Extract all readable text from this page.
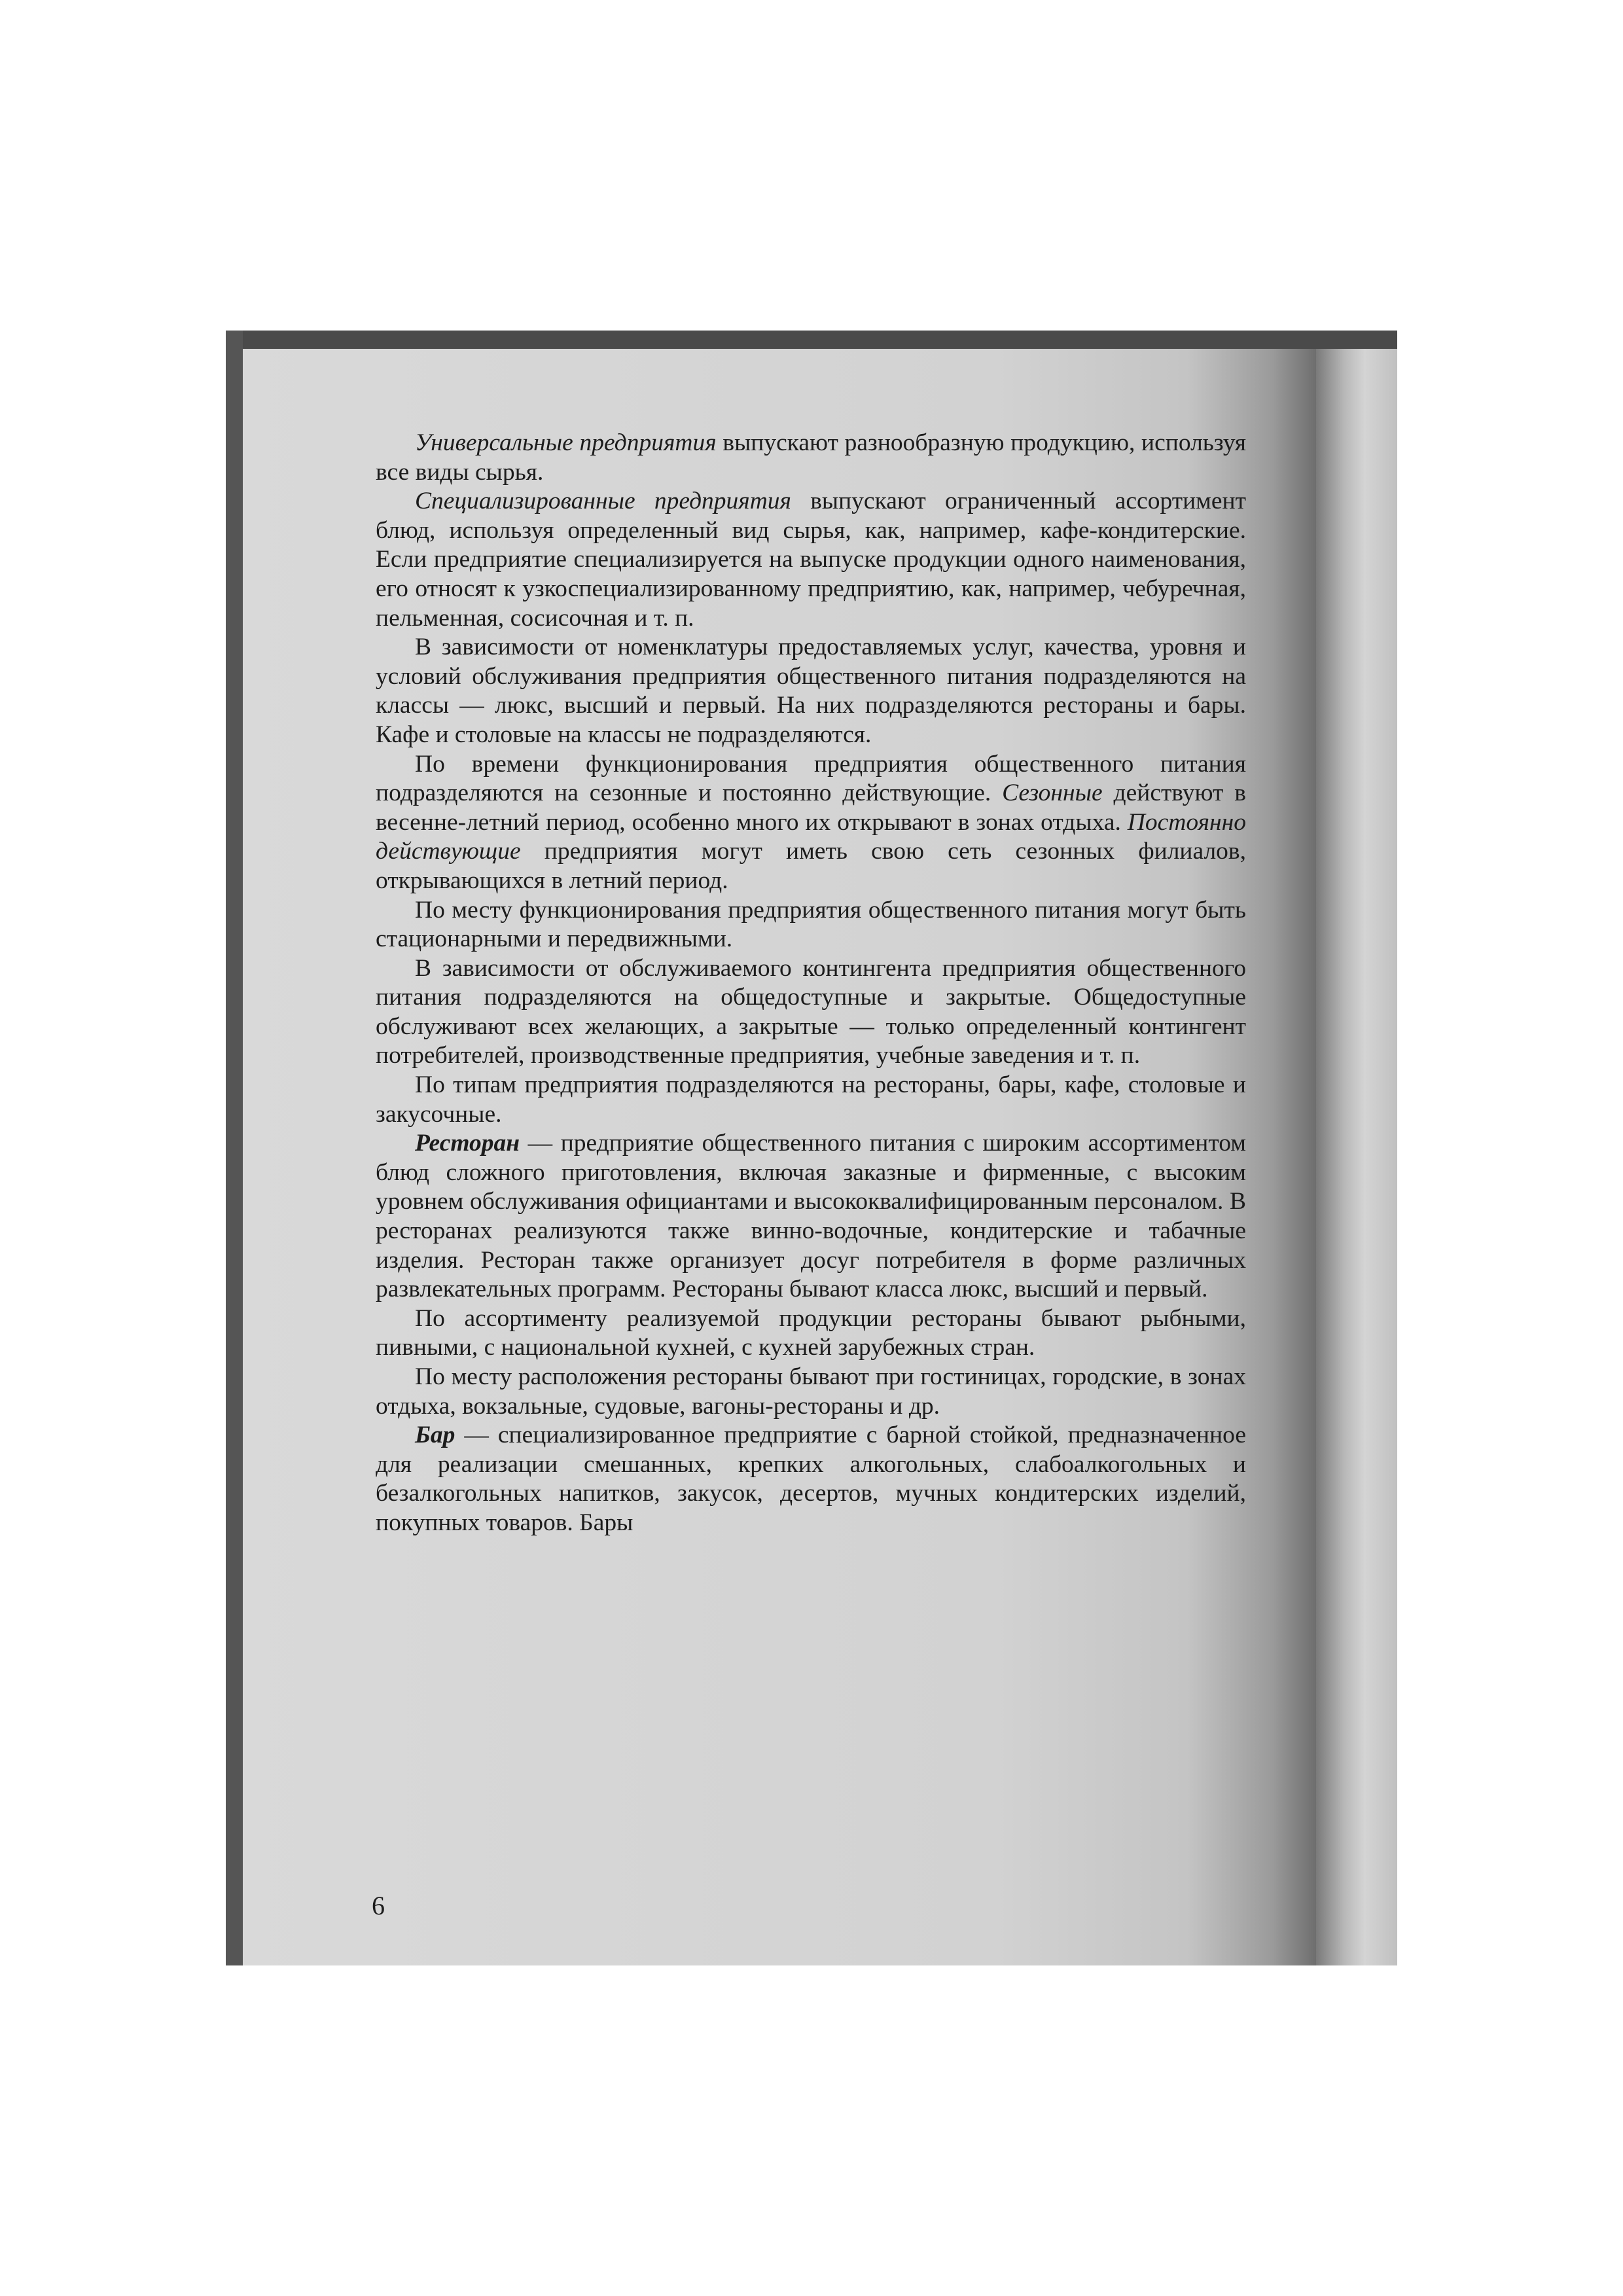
Универсальные предприятия выпускают разнообразную продукцию, используя все виды сырья.

Специализированные предприятия выпускают ограниченный ассортимент блюд, используя определенный вид сырья, как, например, кафе-кондитерские. Если предприятие специализируется на выпуске продукции одного наименования, его относят к узкоспециализированному предприятию, как, например, чебуречная, пельменная, сосисочная и т. п.

В зависимости от номенклатуры предоставляемых услуг, качества, уровня и условий обслуживания предприятия общественного питания подразделяются на классы — люкс, высший и первый. На них подразделяются рестораны и бары. Кафе и столовые на классы не подразделяются.

По времени функционирования предприятия общественного питания подразделяются на сезонные и постоянно действующие. Сезонные действуют в весенне-летний период, особенно много их открывают в зонах отдыха. Постоянно действующие предприятия могут иметь свою сеть сезонных филиалов, открывающихся в летний период.

По месту функционирования предприятия общественного питания могут быть стационарными и передвижными.

В зависимости от обслуживаемого контингента предприятия общественного питания подразделяются на общедоступные и закрытые. Общедоступные обслуживают всех желающих, а закрытые — только определенный контингент потребителей, производственные предприятия, учебные заведения и т. п.

По типам предприятия подразделяются на рестораны, бары, кафе, столовые и закусочные.

Ресторан — предприятие общественного питания с широким ассортиментом блюд сложного приготовления, включая заказные и фирменные, с высоким уровнем обслуживания официантами и высококвалифицированным персоналом. В ресторанах реализуются также винно-водочные, кондитерские и табачные изделия. Ресторан также организует досуг потребителя в форме различных развлекательных программ. Рестораны бывают класса люкс, высший и первый.

По ассортименту реализуемой продукции рестораны бывают рыбными, пивными, с национальной кухней, с кухней зарубежных стран.

По месту расположения рестораны бывают при гостиницах, городские, в зонах отдыха, вокзальные, судовые, вагоны-рестораны и др.

Бар — специализированное предприятие с барной стойкой, предназначенное для реализации смешанных, крепких алкогольных, слабоалкогольных и безалкогольных напитков, закусок, десертов, мучных кондитерских изделий, покупных товаров. Бары

6
